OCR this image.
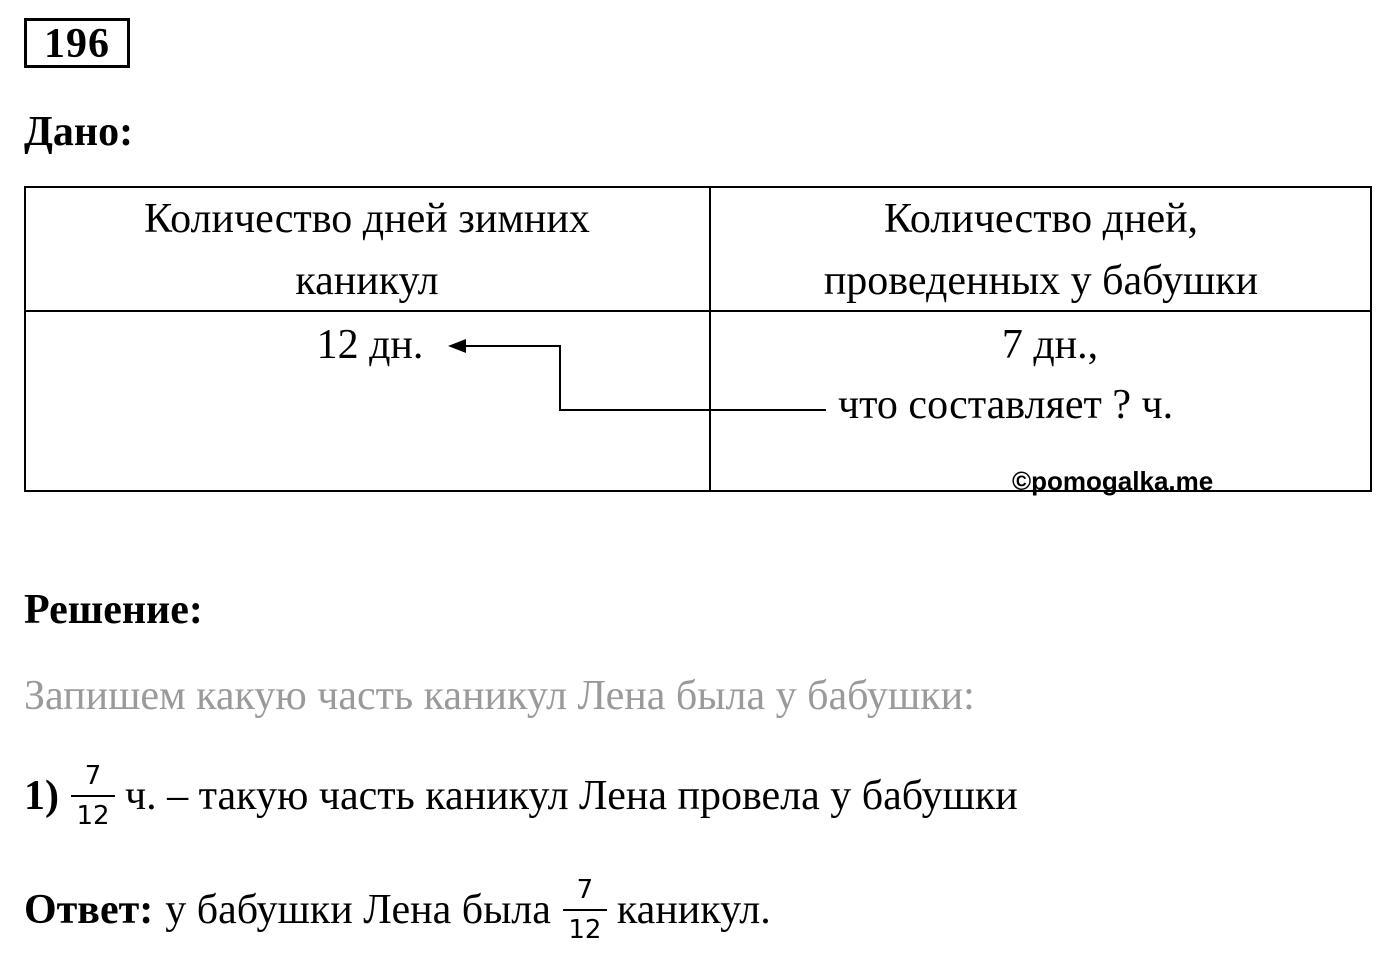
196
Дано:
Количество дней зимних
каникул
Количество дней,
проведенных у бабушки
12 дн.	7 дн.,
что составляет ? ч.
©pomogalka.me
Решение:
Запишем какую часть каникул Лена была у бабушки:
$1) \frac{7}{12} ч$. – такую часть каникул Лена провела у бабушки
Ответ: у бабушки Лена была $\frac{7}{12}$ каникул.
